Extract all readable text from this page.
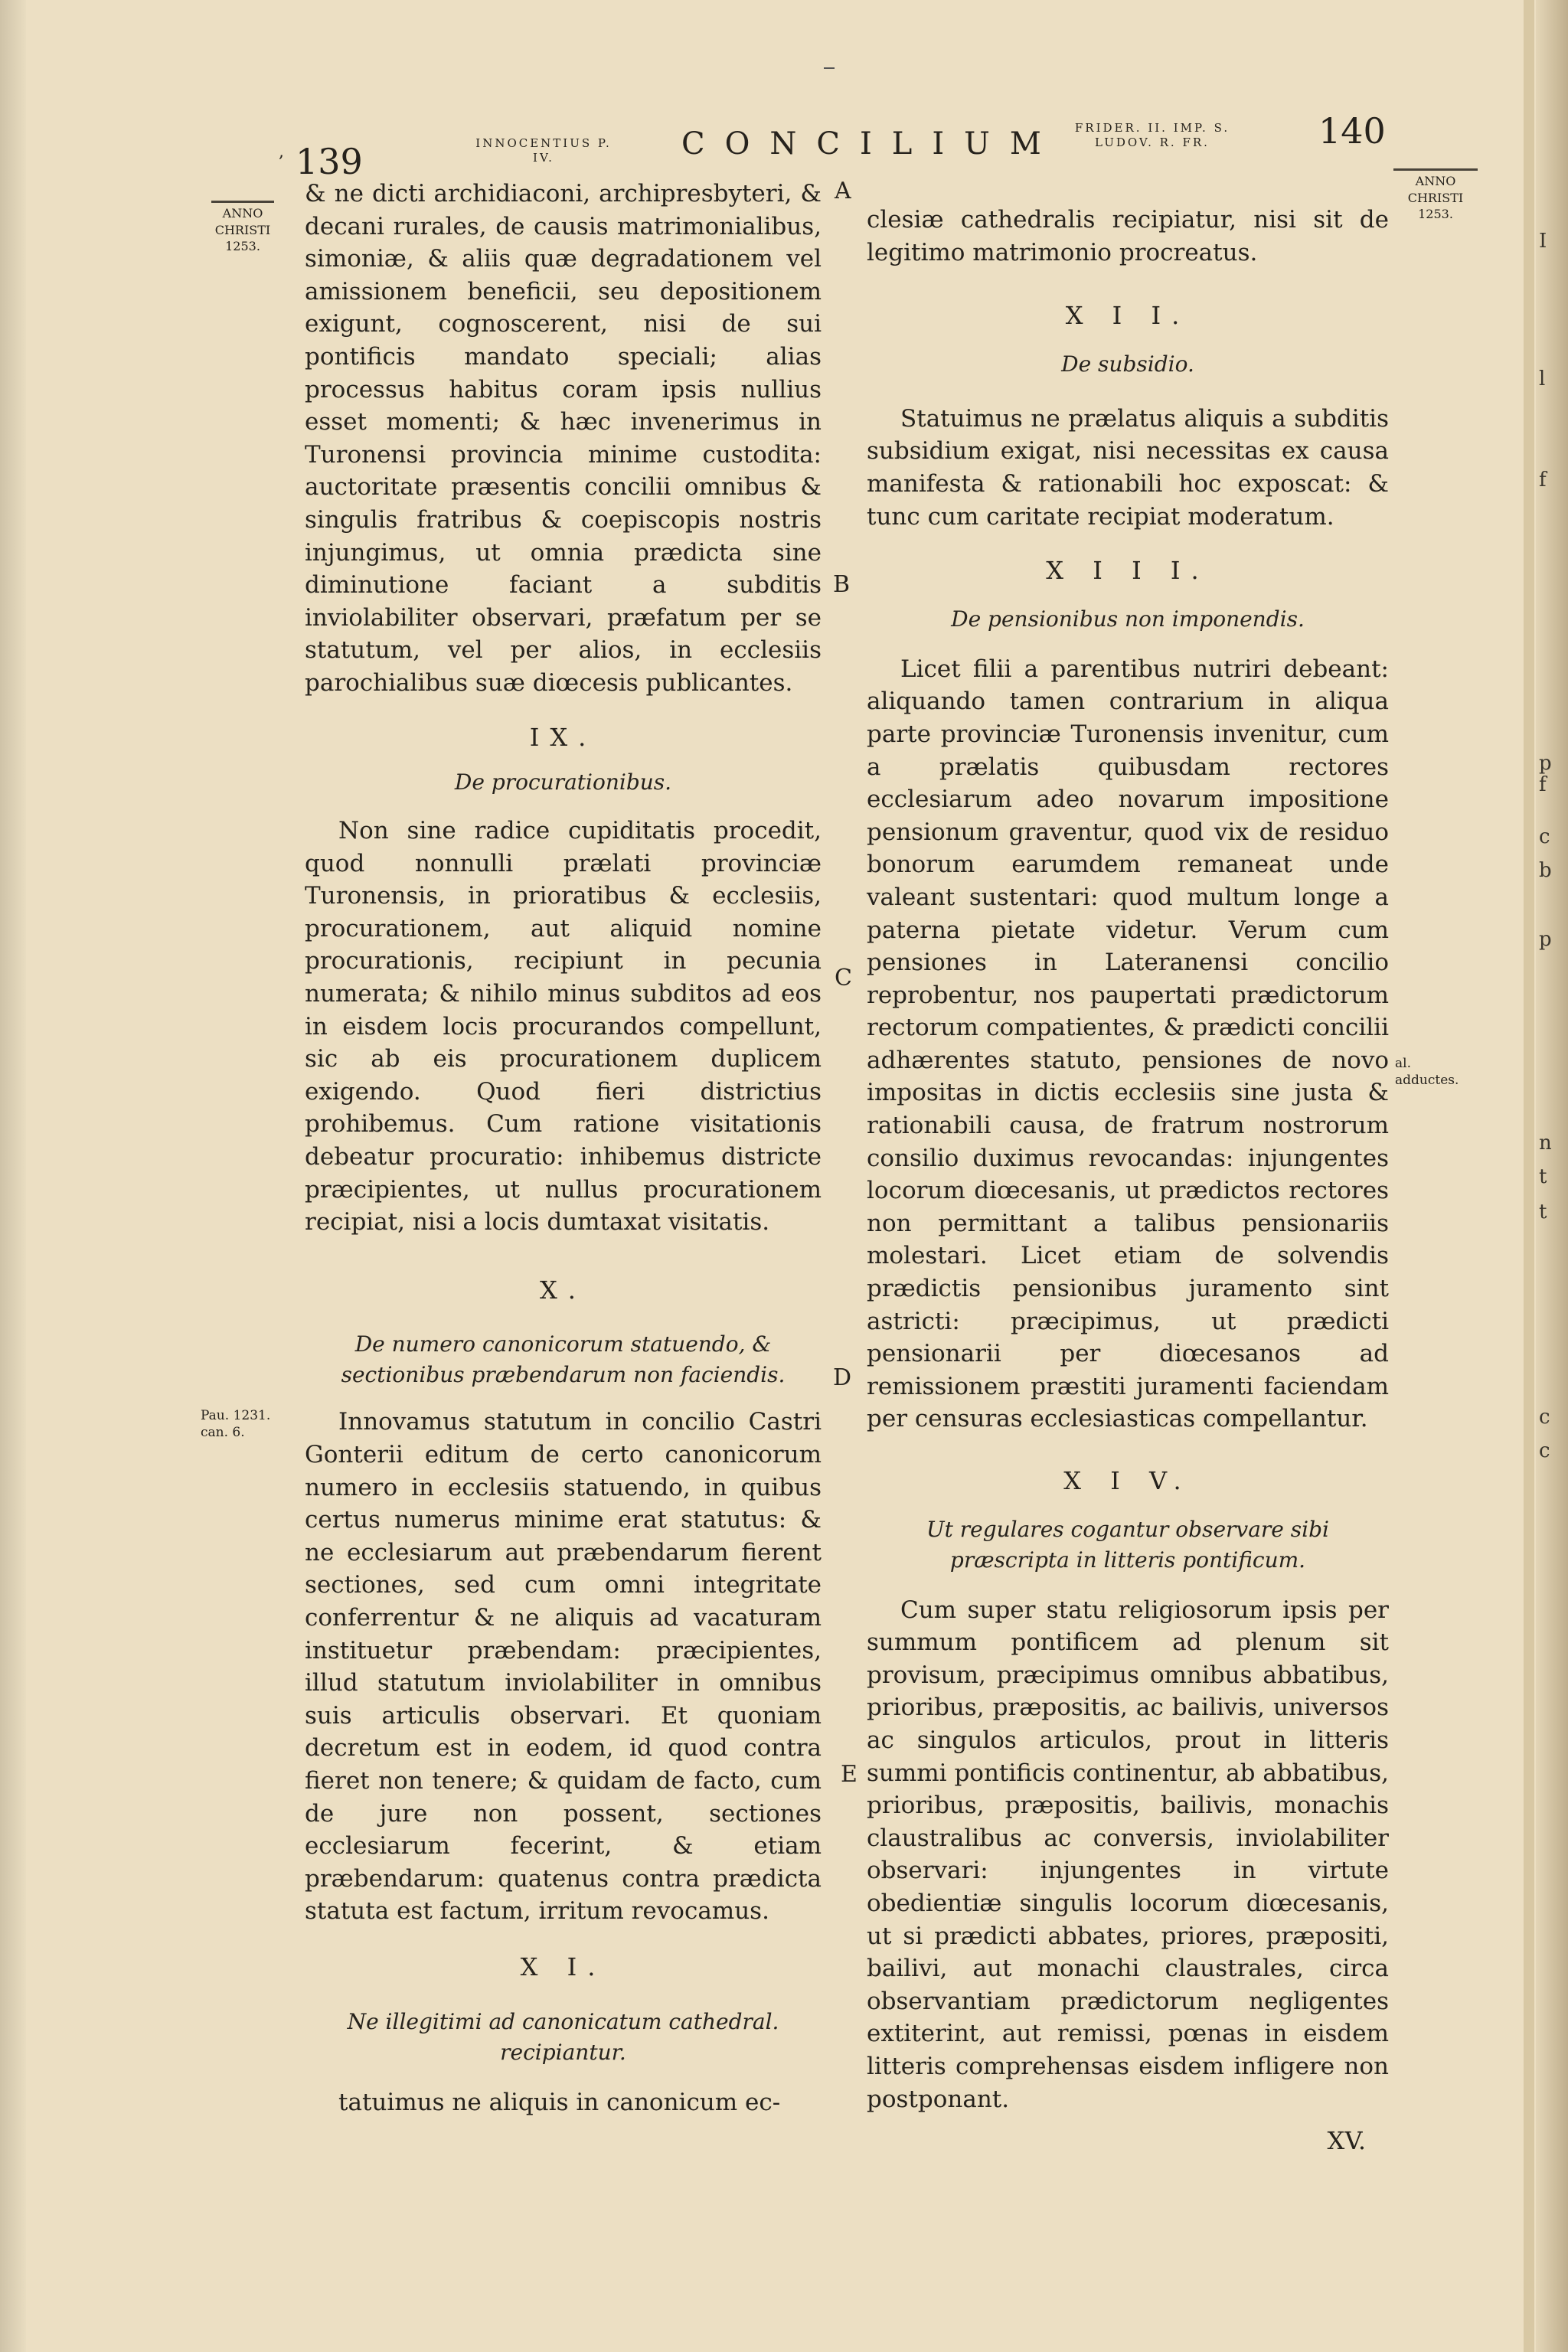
, 139	INNOCENTIUS P. IV.	CONCILIUM	FRIDER. II. IMP. S. LUDOV. R. FR.	140
ANNO CHRISTI 1253.
ANNO CHRISTI 1253.
Pau. 1231. can. 6.
al. adductes.
A
B
C
D
E

& ne dicti archidiaconi, archipresbyteri, & decani rurales, de causis matrimonialibus, simoniæ, & aliis quæ degradationem vel amissionem beneficii, seu depositionem exigunt, cognoscerent, nisi de sui pontificis mandato speciali; alias processus habitus coram ipsis nullius esset momenti; & hæc invenerimus in Turonensi provincia minime custodita: auctoritate præsentis concilii omnibus & singulis fratribus & coepiscopis nostris injungimus, ut omnia prædicta sine diminutione faciant a subditis inviolabiliter observari, præfatum per se statutum, vel per alios, in ecclesiis parochialibus suæ diœcesis publicantes.

IX.

De procurationibus.

Non sine radice cupiditatis procedit, quod nonnulli prælati provinciæ Turonensis, in prioratibus & ecclesiis, procurationem, aut aliquid nomine procurationis, recipiunt in pecunia numerata; & nihilo minus subditos ad eos in eisdem locis procurandos compellunt, sic ab eis procurationem duplicem exigendo. Quod fieri districtius prohibemus. Cum ratione visitationis debeatur procuratio: inhibemus districte præcipientes, ut nullus procurationem recipiat, nisi a locis dumtaxat visitatis.

X.

De numero canonicorum statuendo, & sectionibus præbendarum non faciendis.

Innovamus statutum in concilio Castri Gonterii editum de certo canonicorum numero in ecclesiis statuendo, in quibus certus numerus minime erat statutus: & ne ecclesiarum aut præbendarum fierent sectiones, sed cum omni integritate conferrentur & ne aliquis ad vacaturam instituetur præbendam: præcipientes, illud statutum inviolabiliter in omnibus suis articulis observari. Et quoniam decretum est in eodem, id quod contra fieret non tenere; & quidam de facto, cum de jure non possent, sectiones ecclesiarum fecerint, & etiam præbendarum: quatenus contra prædicta statuta est factum, irritum revocamus.

X I.

Ne illegitimi ad canonicatum cathedral. recipiantur.

tatuimus ne aliquis in canonicum ec-

clesiæ cathedralis recipiatur, nisi sit de legitimo matrimonio procreatus.

X I I.

De subsidio.

Statuimus ne prælatus aliquis a subditis subsidium exigat, nisi necessitas ex causa manifesta & rationabili hoc exposcat: & tunc cum caritate recipiat moderatum.

X I I I.

De pensionibus non imponendis.

Licet filii a parentibus nutriri debeant: aliquando tamen contrarium in aliqua parte provinciæ Turonensis invenitur, cum a prælatis quibusdam rectores ecclesiarum adeo novarum impositione pensionum graventur, quod vix de residuo bonorum earumdem remaneat unde valeant sustentari: quod multum longe a paterna pietate videtur. Verum cum pensiones in Lateranensi concilio reprobentur, nos paupertati prædictorum rectorum compatientes, & prædicti concilii adhærentes statuto, pensiones de novo impositas in dictis ecclesiis sine justa & rationabili causa, de fratrum nostrorum consilio duximus revocandas: injungentes locorum diœcesanis, ut prædictos rectores non permittant a talibus pensionariis molestari. Licet etiam de solvendis prædictis pensionibus juramento sint astricti: præcipimus, ut prædicti pensionarii per diœcesanos ad remissionem præstiti juramenti faciendam per censuras ecclesiasticas compellantur.

X I V.

Ut regulares cogantur observare sibi præscripta in litteris pontificum.

Cum super statu religiosorum ipsis per summum pontificem ad plenum sit provisum, præcipimus omnibus abbatibus, prioribus, præpositis, ac bailivis, universos ac singulos articulos, prout in litteris summi pontificis continentur, ab abbatibus, prioribus, præpositis, bailivis, monachis claustralibus ac conversis, inviolabiliter observari: injungentes in virtute obedientiæ singulis locorum diœcesanis, ut si prædicti abbates, priores, præpositi, bailivi, aut monachi claustrales, circa observantiam prædictorum negligentes extiterint, aut remissi, pœnas in eisdem litteris comprehensas eisdem infligere non postponant.

XV.

I
l
f
p
f
c
b
p
n
t
t
c
c
